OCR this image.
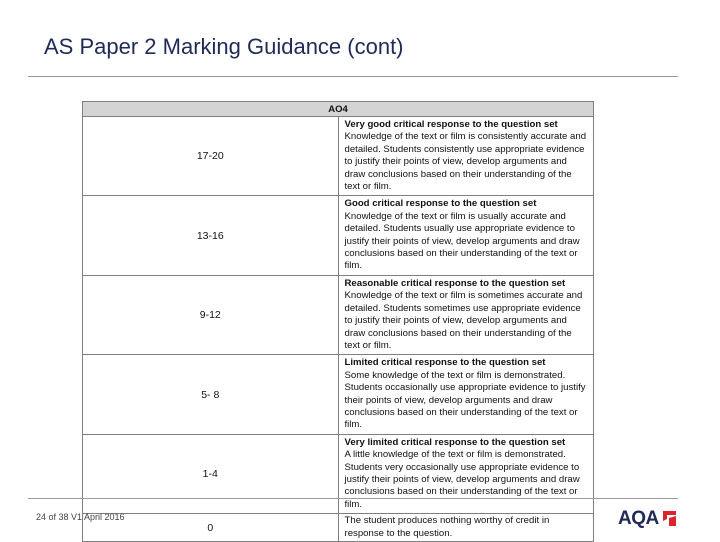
AS Paper 2 Marking Guidance (cont)
AO4	
17-20	Very good critical response to the question set
Knowledge of the text or film is consistently accurate and detailed. Students consistently use appropriate evidence to justify their points of view, develop arguments and draw conclusions based on their understanding of the text or film.

13-16	Good critical response to the question set
Knowledge of the text or film is usually accurate and detailed. Students usually use appropriate evidence to justify their points of view, develop arguments and draw conclusions based on their understanding of the text or film.

9-12	Reasonable critical response to the question set
Knowledge of the text or film is sometimes accurate and detailed. Students sometimes use appropriate evidence to justify their points of view, develop arguments and draw conclusions based on their understanding of the text or film.

5- 8	Limited critical response to the question set
Some knowledge of the text or film is demonstrated. Students occasionally use appropriate evidence to justify their points of view, develop arguments and draw conclusions based on their understanding of the text or film.

1-4	Very limited critical response to the question set
A little knowledge of the text or film is demonstrated. Students very occasionally use appropriate evidence to justify their points of view, develop arguments and draw conclusions based on their understanding of the text or film.

0	The student produces nothing worthy of credit in response to the question.
24 of 38 V1 April 2016	AQA
